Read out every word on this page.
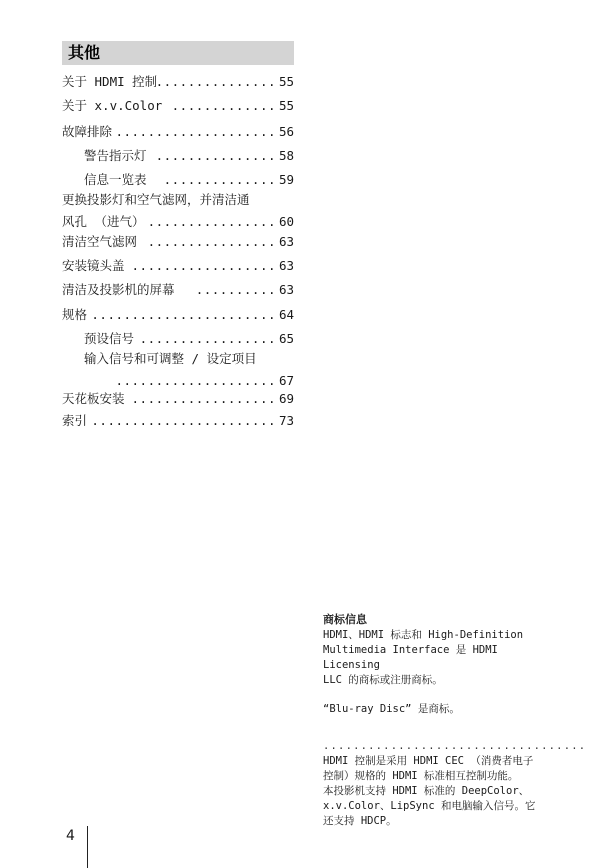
其他
关于 HDMI 控制
............... 55
关于 x.v.Color ............. 55
故障排除 .................... 56
警告指示灯 ............... 58
信息一览表 .............. 59
更换投影灯和空气滤网，并清洁通
风孔 （进气） ................ 60
清洁空气滤网 ................ 63
安装镜头盖 .................. 63
清洁及投影机的屏幕 .......... 63
规格 ....................... 64
预设信号 ................. 65
输入信号和可调整 / 设定项目
.................... 67
天花板安装 .................. 69
索引 ....................... 73
商标信息
HDMI、HDMI 标志和 High-Definition
Multimedia Interface 是 HDMI Licensing
LLC 的商标或注册商标。
“Blu-ray Disc” 是商标。
...................................
HDMI 控制是采用 HDMI CEC （消费者电子
控制）规格的 HDMI 标准相互控制功能。
本投影机支持 HDMI 标准的 DeepColor、
x.v.Color、LipSync 和电脑输入信号。它
还支持 HDCP。
4
